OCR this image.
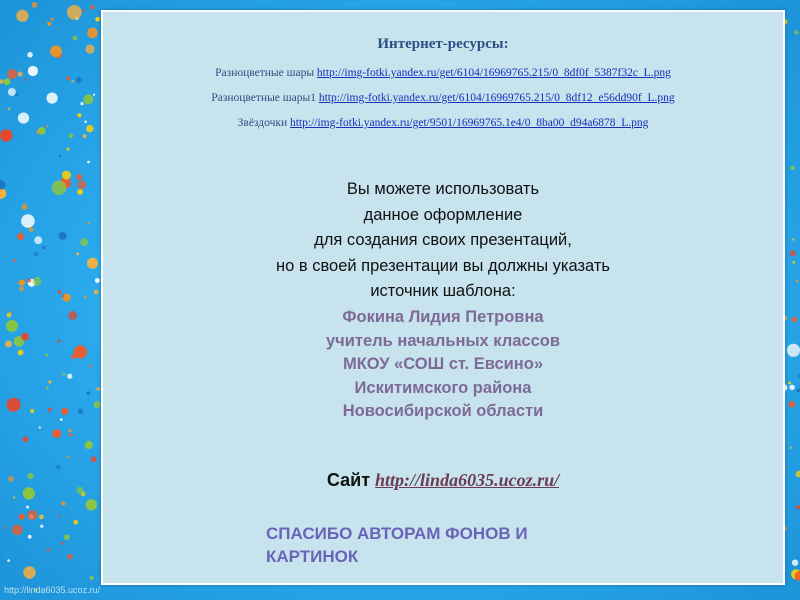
Интернет-ресурсы:
Разноцветные шары http://img-fotki.yandex.ru/get/6104/16969765.215/0_8df0f_5387f32c_L.png
Разноцветные шары1 http://img-fotki.yandex.ru/get/6104/16969765.215/0_8df12_e56dd90f_L.png
Звёздочки http://img-fotki.yandex.ru/get/9501/16969765.1e4/0_8ba00_d94a6878_L.png
Вы можете использовать
данное оформление
для создания своих презентаций,
но в своей презентации вы должны указать
источник шаблона:
Фокина Лидия Петровна
учитель начальных классов
МКОУ «СОШ ст. Евсино»
Искитимского района
Новосибирской области
Сайт http://linda6035.ucoz.ru/
СПАСИБО АВТОРАМ ФОНОВ И
КАРТИНОК
http://linda6035.ucoz.ru/
